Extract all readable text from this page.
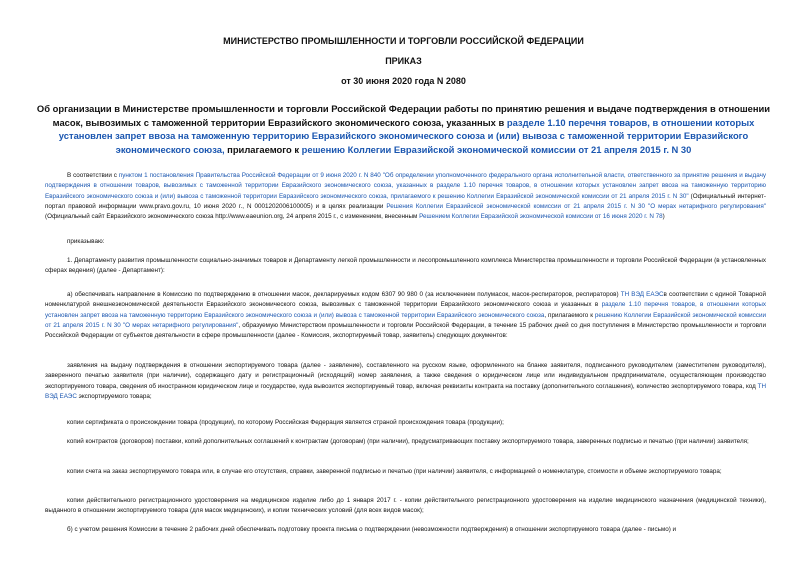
МИНИСТЕРСТВО ПРОМЫШЛЕННОСТИ И ТОРГОВЛИ РОССИЙСКОЙ ФЕДЕРАЦИИ
ПРИКАЗ
от 30 июня 2020 года N 2080
Об организации в Министерстве промышленности и торговли Российской Федерации работы по принятию решения и выдаче подтверждения в отношении масок, вывозимых с таможенной территории Евразийского экономического союза, указанных в разделе 1.10 перечня товаров, в отношении которых установлен запрет ввоза на таможенную территорию Евразийского экономического союза и (или) вывоза с таможенной территории Евразийского экономического союза, прилагаемого к решению Коллегии Евразийской экономической комиссии от 21 апреля 2015 г. N 30
В соответствии с пунктом 1 постановления Правительства Российской Федерации от 9 июня 2020 г. N 840 "Об определении уполномоченного федерального органа исполнительной власти, ответственного за принятие решения и выдачу подтверждения в отношении товаров, вывозимых с таможенной территории Евразийского экономического союза, указанных в разделе 1.10 перечня товаров, в отношении которых установлен запрет ввоза на таможенную территорию Евразийского экономического союза и (или) вывоза с таможенной территории Евразийского экономического союза, прилагаемого к решению Коллегии Евразийской экономической комиссии от 21 апреля 2015 г. N 30" (Официальный интернет-портал правовой информации www.pravo.gov.ru, 10 июня 2020 г., N 0001202006100005) и в целях реализации Решения Коллегии Евразийской экономической комиссии от 21 апреля 2015 г. N 30 "О мерах нетарифного регулирования" (Официальный сайт Евразийского экономического союза http://www.eaeunion.org, 24 апреля 2015 г., с изменением, внесенным Решением Коллегии Евразийской экономической комиссии от 16 июня 2020 г. N 78)
приказываю:
1. Департаменту развития промышленности социально-значимых товаров и Департаменту легкой промышленности и лесопромышленного комплекса Министерства промышленности и торговли Российской Федерации (в установленных сферах ведения) (далее - Департамент):
а) обеспечивать направление в Комиссию по подтверждению в отношении масок, декларируемых кодом 6307 90 980 0 (за исключением полумасок, масок-респираторов, респираторов) ТН ВЭД ЕАЭСв соответствии с единой Товарной номенклатурой внешнеэкономической деятельности Евразийского экономического союза, вывозимых с таможенной территории Евразийского экономического союза и указанных в разделе 1.10 перечня товаров, в отношении которых установлен запрет ввоза на таможенную территорию Евразийского экономического союза и (или) вывоза с таможенной территории Евразийского экономического союза, прилагаемого к решению Коллегии Евразийской экономической комиссии от 21 апреля 2015 г. N 30 "О мерах нетарифного регулирования", образуемую Министерством промышленности и торговли Российской Федерации, в течение 15 рабочих дней со дня поступления в Министерство промышленности и торговли Российской Федерации от субъектов деятельности в сфере промышленности (далее - Комиссия, экспортируемый товар, заявитель) следующих документов:
заявления на выдачу подтверждения в отношении экспортируемого товара (далее - заявление), составленного на русском языке, оформленного на бланке заявителя, подписанного руководителем (заместителем руководителя), заверенного печатью заявителя (при наличии), содержащего дату и регистрационный (исходящий) номер заявления, а также сведения о юридическом лице или индивидуальном предпринимателе, осуществляющем производство экспортируемого товара, сведения об иностранном юридическом лице и государстве, куда вывозится экспортируемый товар, включая реквизиты контракта на поставку (дополнительного соглашения), количество экспортируемого товара, код ТН ВЭД ЕАЭС экспортируемого товара;
копии сертификата о происхождении товара (продукции), по которому Российская Федерация является страной происхождения товара (продукции);
копий контрактов (договоров) поставки, копий дополнительных соглашений к контрактам (договорам) (при наличии), предусматривающих поставку экспортируемого товара, заверенных подписью и печатью (при наличии) заявителя;
копии счета на заказ экспортируемого товара или, в случае его отсутствия, справки, заверенной подписью и печатью (при наличии) заявителя, с информацией о номенклатуре, стоимости и объеме экспортируемого товара;
копии действительного регистрационного удостоверения на медицинское изделие либо до 1 января 2017 г. - копии действительного регистрационного удостоверения на изделие медицинского назначения (медицинской техники), выданного в отношении экспортируемого товара (для масок медицинских), и копии технических условий (для всех видов масок);
б) с учетом решения Комиссии в течение 2 рабочих дней обеспечивать подготовку проекта письма о подтверждении (невозможности подтверждения) в отношении экспортируемого товара (далее - письмо) и
